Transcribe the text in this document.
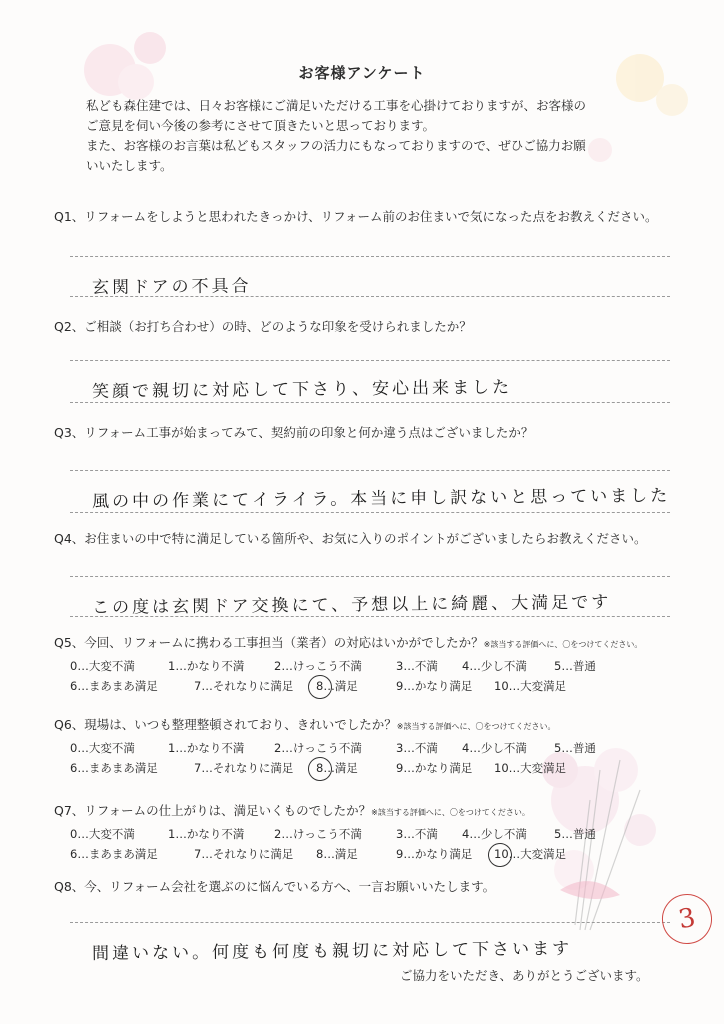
お客様アンケート
私ども森住建では、日々お客様にご満足いただける工事を心掛けておりますが、お客様の
ご意見を伺い今後の参考にさせて頂きたいと思っております。
また、お客様のお言葉は私どもスタッフの活力にもなっておりますので、ぜひご協力お願
いいたします。
Q1、リフォームをしようと思われたきっかけ、リフォーム前のお住まいで気になった点をお教えください。
玄関ドアの不具合
Q2、ご相談（お打ち合わせ）の時、どのような印象を受けられましたか？
笑顔で親切に対応して下さり、安心出来ました
Q3、リフォーム工事が始まってみて、契約前の印象と何か違う点はございましたか？
風の中の作業にてイライラ。本当に申し訳ないと思っていました
Q4、お住まいの中で特に満足している箇所や、お気に入りのポイントがございましたらお教えください。
この度は玄関ドア交換にて、予想以上に綺麗、大満足です
Q5、今回、リフォームに携わる工事担当（業者）の対応はいかがでしたか？※該当する評価へに、〇をつけてください。
0…大変不満	1…かなり不満	2…けっこう不満	3…不満 4…少し不満 5…普通
6…まあまあ満足	7…それなりに満足 8…満足	9…かなり満足 10…大変満足
Q6、現場は、いつも整理整頓されており、きれいでしたか？※該当する評価へに、〇をつけてください。
0…大変不満	1…かなり不満	2…けっこう不満	3…不満 4…少し不満 5…普通
6…まあまあ満足	7…それなりに満足 8…満足	9…かなり満足 10…大変満足
Q7、リフォームの仕上がりは、満足いくものでしたか？※該当する評価へに、〇をつけてください。
0…大変不満	1…かなり不満	2…けっこう不満	3…不満 4…少し不満 5…普通
6…まあまあ満足	7…それなりに満足 8…満足	9…かなり満足 10…大変満足
Q8、今、リフォーム会社を選ぶのに悩んでいる方へ、一言お願いいたします。
間違いない。何度も何度も親切に対応して下さいます
ご協力をいただき、ありがとうございます。
3
